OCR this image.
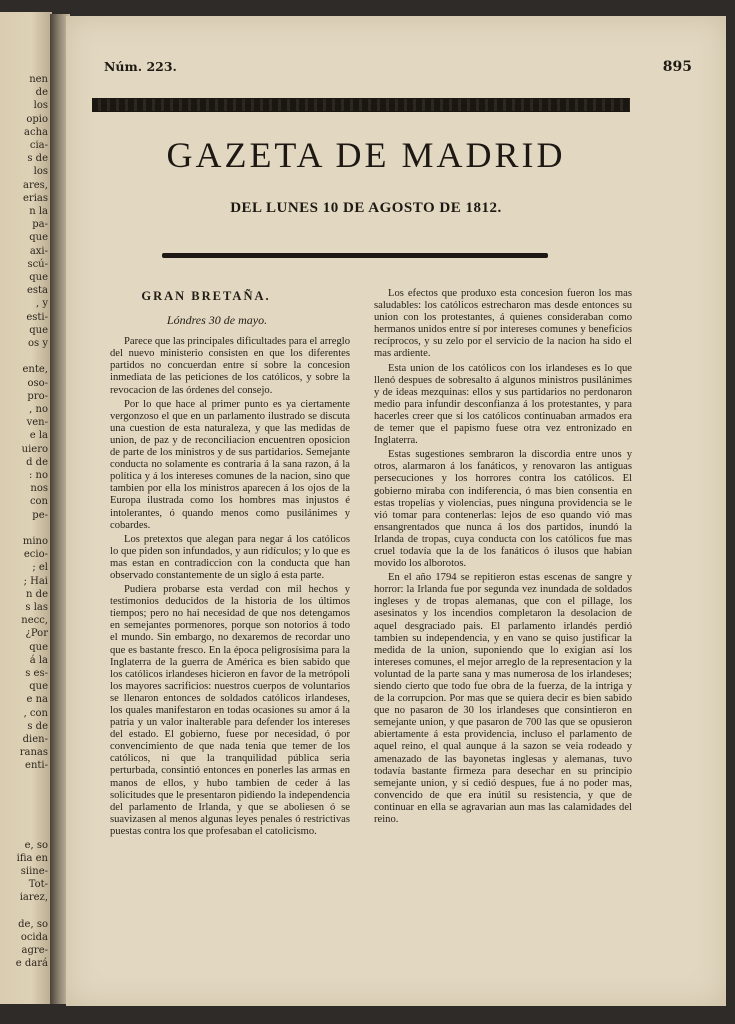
nen
de
los
opio
acha
cia-
s de
los
ares,
erias
n la
pa-
que
axi-
scú-
que
esta
, y
esti-
que
os y
ente,
oso-
pro-
, no
ven-
e la
uiero
d de
: no
nos
con
pe-
mino
ecio-
; el
; Hai
n de
s las
necc,
¿Por
que
á la
s es-
que
e na
, con
s de
dien-
ranas
enti-
e, so
ifia en
siine-
Tot-
iarez,
de, so
ocida
agre-
e dará
Núm. 223.	895
GAZETA DE MADRID
DEL LUNES 10 DE AGOSTO DE 1812.
GRAN BRETAÑA.
Lóndres 30 de mayo.

Parece que las principales dificultades para el arreglo del nuevo ministerio consisten en que los diferentes partidos no concuerdan entre sí sobre la concesion inmediata de las peticiones de los católicos, y sobre la revocacion de las órdenes del consejo.

Por lo que hace al primer punto es ya ciertamente vergonzoso el que en un parlamento ilustrado se discuta una cuestion de esta naturaleza, y que las medidas de union, de paz y de reconciliacion encuentren oposicion de parte de los ministros y de sus partidarios. Semejante conducta no solamente es contraria á la sana razon, á la política y á los intereses comunes de la nacion, sino que tambien por ella los ministros aparecen á los ojos de la Europa ilustrada como los hombres mas injustos é intolerantes, ó quando menos como pusilánimes y cobardes.

Los pretextos que alegan para negar á los católicos lo que piden son infundados, y aun ridículos; y lo que es mas estan en contradiccion con la conducta que han observado constantemente de un siglo á esta parte.

Pudiera probarse esta verdad con mil hechos y testimonios deducidos de la historia de los últimos tiempos; pero no hai necesidad de que nos detengamos en semejantes pormenores, porque son notorios á todo el mundo. Sin embargo, no dexaremos de recordar uno que es bastante fresco. En la época peligrosísima para la Inglaterra de la guerra de América es bien sabido que los católicos irlandeses hicieron en favor de la metrópoli los mayores sacrificios: nuestros cuerpos de voluntarios se llenaron entonces de soldados católicos irlandeses, los quales manifestaron en todas ocasiones su amor á la patria y un valor inalterable para defender los intereses del estado. El gobierno, fuese por necesidad, ó por convencimiento de que nada tenia que temer de los católicos, ni que la tranquilidad pública seria perturbada, consintió entonces en ponerles las armas en manos de ellos, y hubo tambien de ceder á las solicitudes que le presentaron pidiendo la independencia del parlamento de Irlanda, y que se aboliesen ó se suavizasen al menos algunas leyes penales ó restrictivas puestas contra los que profesaban el catolicismo.

Los efectos que produxo esta concesion fueron los mas saludables: los católicos estrecharon mas desde entonces su union con los protestantes, á quienes consideraban como hermanos unidos entre sí por intereses comunes y beneficios recíprocos, y su zelo por el servicio de la nacion ha sido el mas ardiente.

Esta union de los católicos con los irlandeses es lo que llenó despues de sobresalto á algunos ministros pusilánimes y de ideas mezquinas: ellos y sus partidarios no perdonaron medio para infundir desconfianza á los protestantes, y para hacerles creer que si los católicos continuaban armados era de temer que el papismo fuese otra vez entronizado en Inglaterra.

Estas sugestiones sembraron la discordia entre unos y otros, alarmaron á los fanáticos, y renovaron las antiguas persecuciones y los horrores contra los católicos. El gobierno miraba con indiferencia, ó mas bien consentia en estas tropelías y violencias, pues ninguna providencia se le vió tomar para contenerlas: lejos de eso quando vió mas ensangrentados que nunca á los dos partidos, inundó la Irlanda de tropas, cuya conducta con los católicos fue mas cruel todavía que la de los fanáticos ó ilusos que habian movido los alborotos.

En el año 1794 se repitieron estas escenas de sangre y horror: la Irlanda fue por segunda vez inundada de soldados ingleses y de tropas alemanas, que con el pillage, los asesinatos y los incendios completaron la desolacion de aquel desgraciado pais. El parlamento irlandés perdió tambien su independencia, y en vano se quiso justificar la medida de la union, suponiendo que lo exigian así los intereses comunes, el mejor arreglo de la representacion y la voluntad de la parte sana y mas numerosa de los irlandeses; siendo cierto que todo fue obra de la fuerza, de la intriga y de la corrupcion. Por mas que se quiera decir es bien sabido que no pasaron de 30 los irlandeses que consintieron en semejante union, y que pasaron de 700 las que se opusieron abiertamente á esta providencia, incluso el parlamento de aquel reino, el qual aunque á la sazon se veia rodeado y amenazado de las bayonetas inglesas y alemanas, tuvo todavía bastante firmeza para desechar en su principio semejante union, y si cedió despues, fue á no poder mas, convencido de que era inútil su resistencia, y que de continuar en ella se agravarian aun mas las calamidades del reino.
